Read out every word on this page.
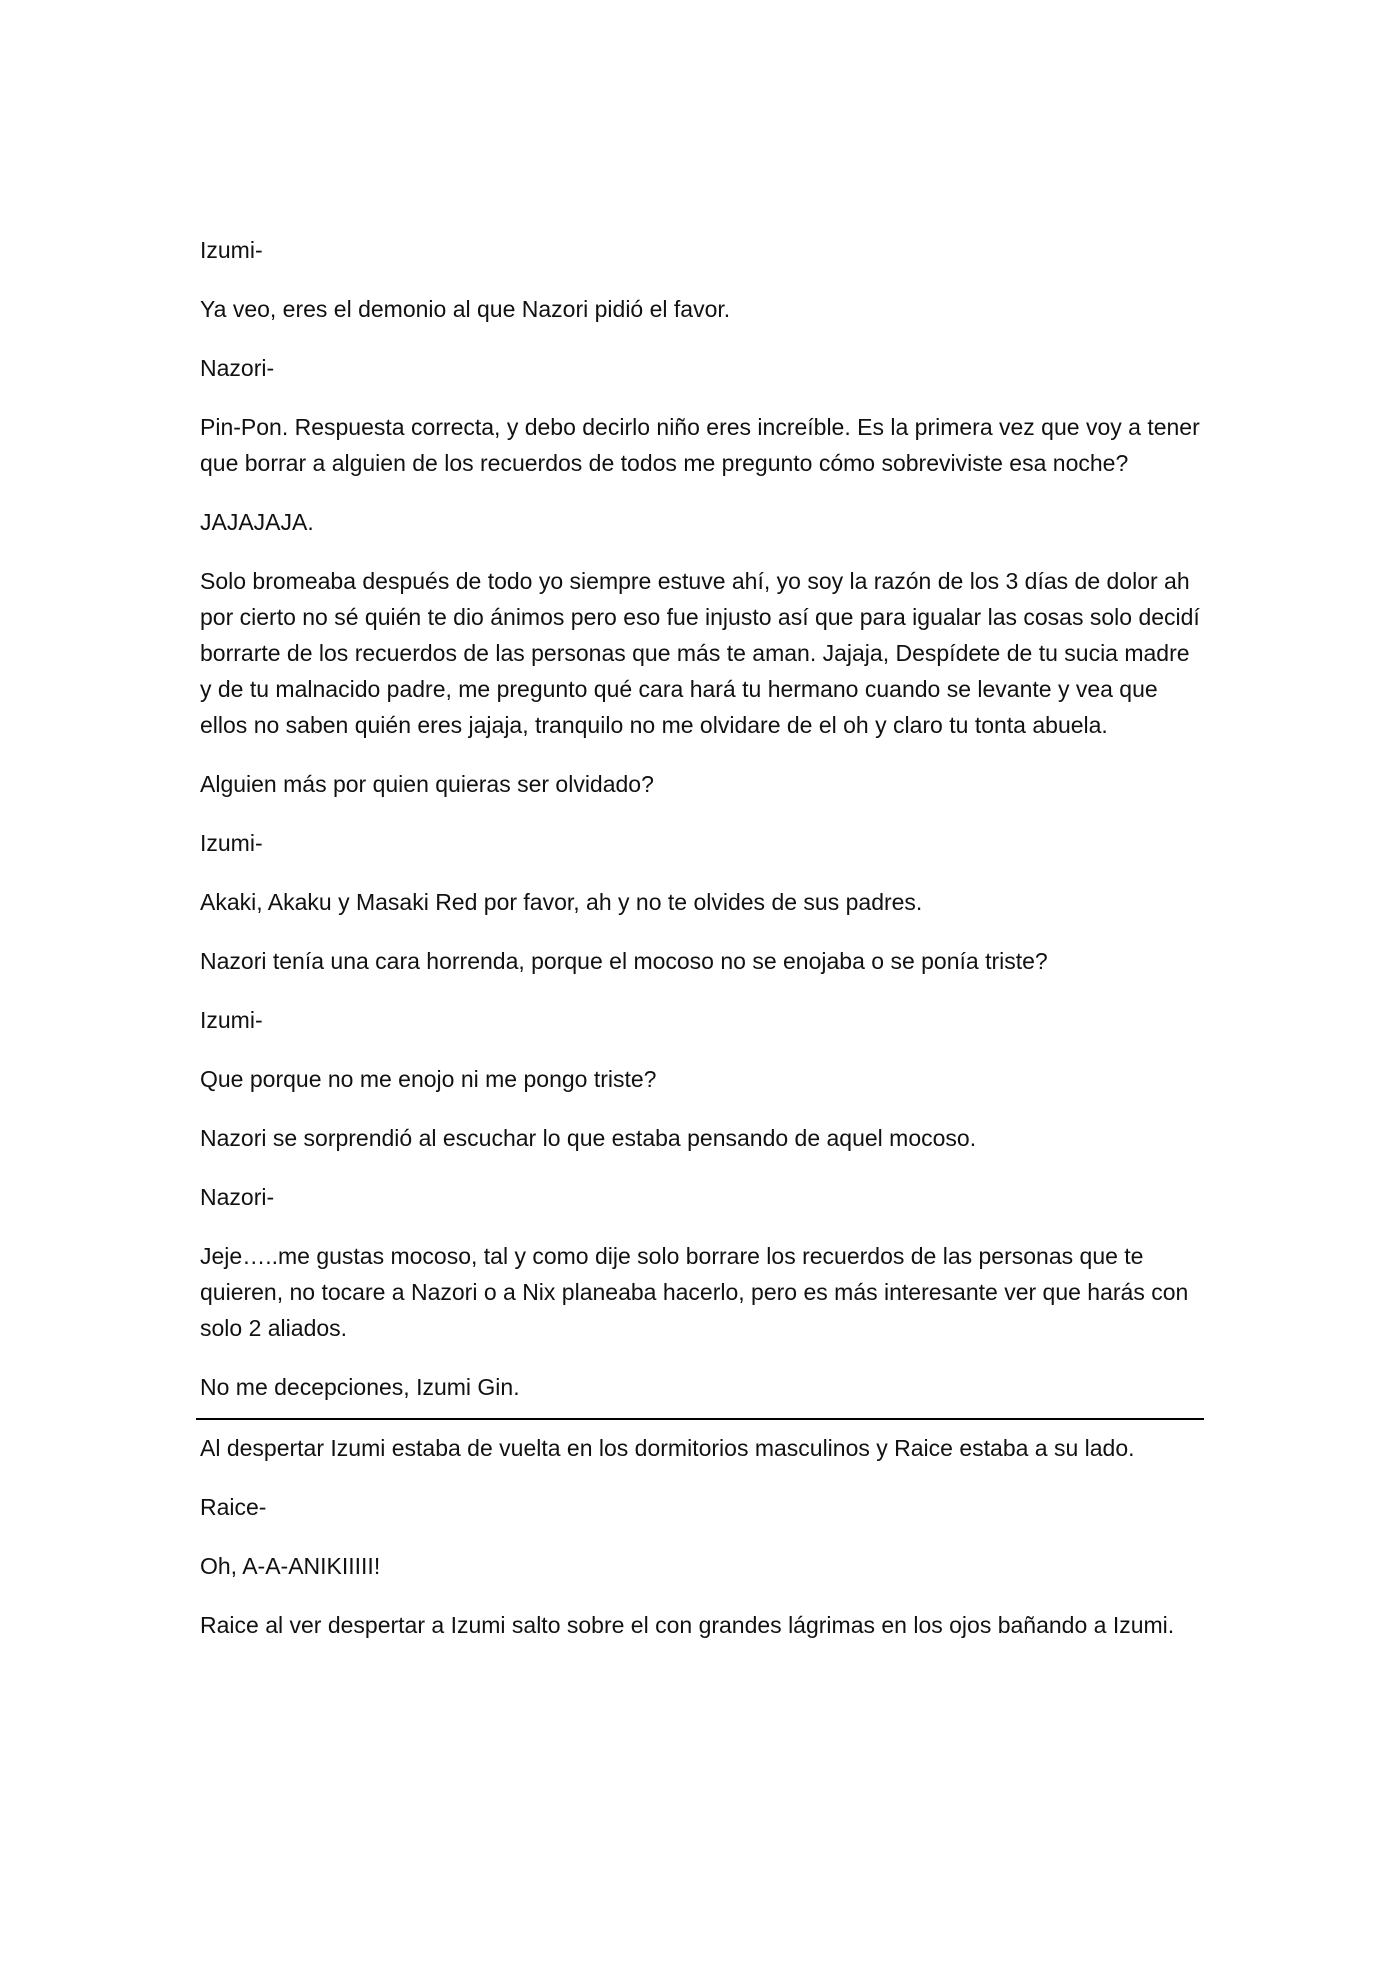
Izumi-

Ya veo, eres el demonio al que Nazori pidió el favor.

Nazori-

Pin-Pon. Respuesta correcta, y debo decirlo niño eres increíble. Es la primera vez que voy a tener que borrar a alguien de los recuerdos de todos me pregunto cómo sobreviviste esa noche?

JAJAJAJA.

Solo bromeaba después de todo yo siempre estuve ahí, yo soy la razón de los 3 días de dolor ah por cierto no sé quién te dio ánimos pero eso fue injusto así que para igualar las cosas solo decidí borrarte de los recuerdos de las personas que más te aman. Jajaja, Despídete de tu sucia madre y de tu malnacido padre, me pregunto qué cara hará tu hermano cuando se levante y vea que ellos no saben quién eres jajaja, tranquilo no me olvidare de el oh y claro tu tonta abuela.

Alguien más por quien quieras ser olvidado?

Izumi-

Akaki, Akaku y Masaki Red por favor, ah y no te olvides de sus padres.

Nazori tenía una cara horrenda, porque el mocoso no se enojaba o se ponía triste?

Izumi-

Que porque no me enojo ni me pongo triste?

Nazori se sorprendió al escuchar lo que estaba pensando de aquel mocoso.

Nazori-

Jeje…..me gustas mocoso, tal y como dije solo borrare los recuerdos de las personas que te quieren, no tocare a Nazori o a Nix planeaba hacerlo, pero es más interesante ver que harás con solo 2 aliados.

No me decepciones, Izumi Gin.

Al despertar Izumi estaba de vuelta en los dormitorios masculinos y Raice estaba a su lado.

Raice-

Oh, A-A-ANIKIIIII!

Raice al ver despertar a Izumi salto sobre el con grandes lágrimas en los ojos bañando a Izumi.
